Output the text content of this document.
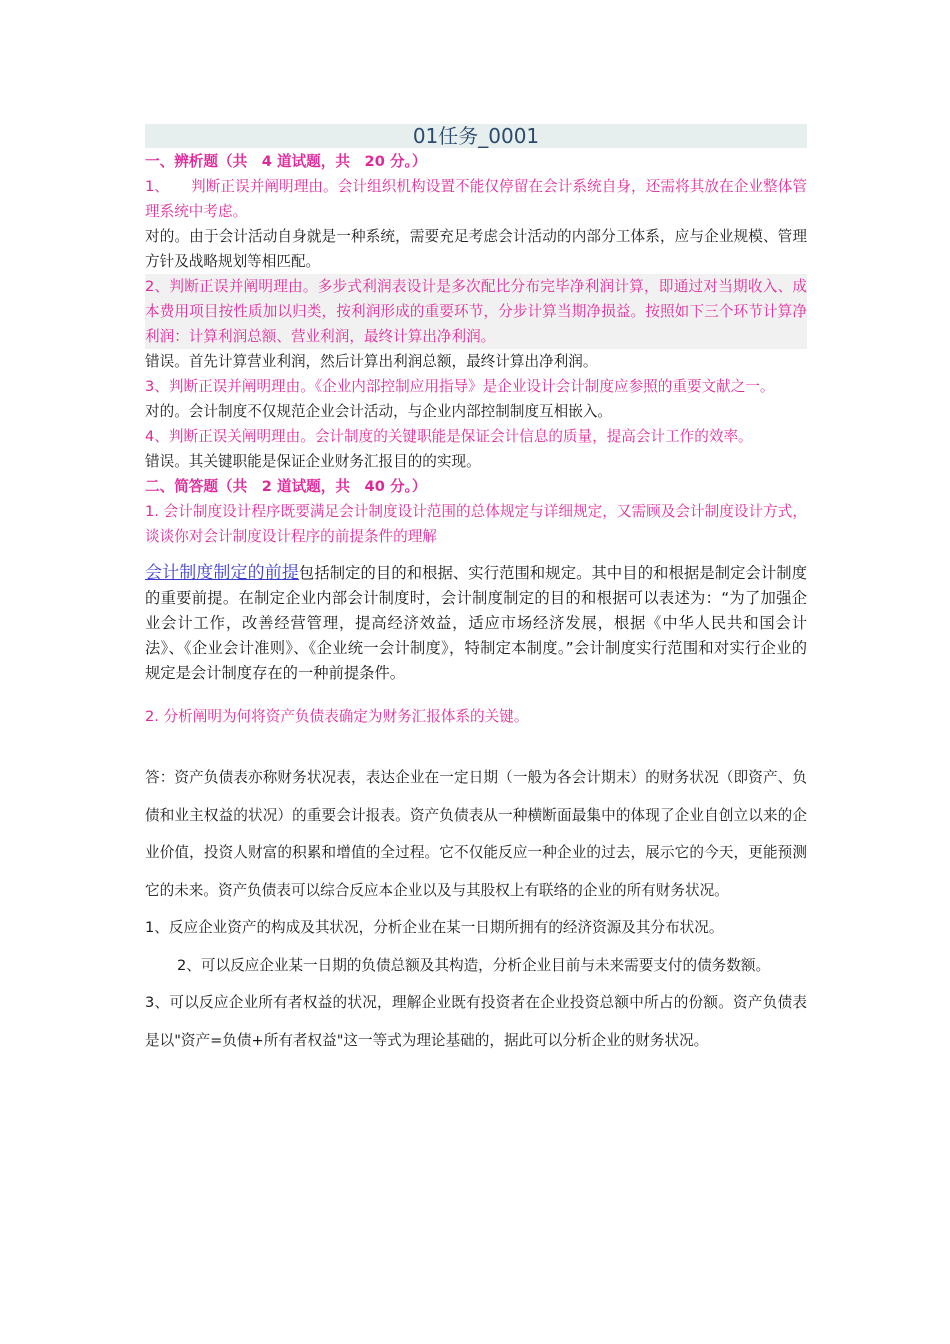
01任务_0001

一、辨析题（共　4 道试题，共　20 分。）

1、　　判断正误并阐明理由。会计组织机构设置不能仅停留在会计系统自身，还需将其放在企业整体管理系统中考虑。

对的。由于会计活动自身就是一种系统，需要充足考虑会计活动的内部分工体系，应与企业规模、管理方针及战略规划等相匹配。

2、判断正误并阐明理由。多步式利润表设计是多次配比分布完毕净利润计算，即通过对当期收入、成本费用项目按性质加以归类，按利润形成的重要环节，分步计算当期净损益。按照如下三个环节计算净利润：计算利润总额、营业利润，最终计算出净利润。

错误。首先计算营业利润，然后计算出利润总额，最终计算出净利润。

3、判断正误并阐明理由。《企业内部控制应用指导》是企业设计会计制度应参照的重要文献之一。

对的。会计制度不仅规范企业会计活动，与企业内部控制制度互相嵌入。

4、判断正误关阐明理由。会计制度的关键职能是保证会计信息的质量，提高会计工作的效率。

错误。其关键职能是保证企业财务汇报目的的实现。

二、简答题（共　2 道试题，共　40 分。）

1. 会计制度设计程序既要满足会计制度设计范围的总体规定与详细规定，又需顾及会计制度设计方式，谈谈你对会计制度设计程序的前提条件的理解

会计制度制定的前提包括制定的目的和根据、实行范围和规定。其中目的和根据是制定会计制度的重要前提。在制定企业内部会计制度时，会计制度制定的目的和根据可以表述为：“为了加强企业会计工作，改善经营管理，提高经济效益，适应市场经济发展，根据《中华人民共和国会计法》、《企业会计准则》、《企业统一会计制度》，特制定本制度。”会计制度实行范围和对实行企业的规定是会计制度存在的一种前提条件。

2. 分析阐明为何将资产负债表确定为财务汇报体系的关键。

答：资产负债表亦称财务状况表，表达企业在一定日期（一般为各会计期末）的财务状况（即资产、负债和业主权益的状况）的重要会计报表。资产负债表从一种横断面最集中的体现了企业自创立以来的企业价值，投资人财富的积累和增值的全过程。它不仅能反应一种企业的过去，展示它的今天，更能预测它的未来。资产负债表可以综合反应本企业以及与其股权上有联络的企业的所有财务状况。

1、反应企业资产的构成及其状况，分析企业在某一日期所拥有的经济资源及其分布状况。

2、可以反应企业某一日期的负债总额及其构造，分析企业目前与未来需要支付的债务数额。

3、可以反应企业所有者权益的状况，理解企业既有投资者在企业投资总额中所占的份额。资产负债表是以"资产=负债+所有者权益"这一等式为理论基础的，据此可以分析企业的财务状况。
